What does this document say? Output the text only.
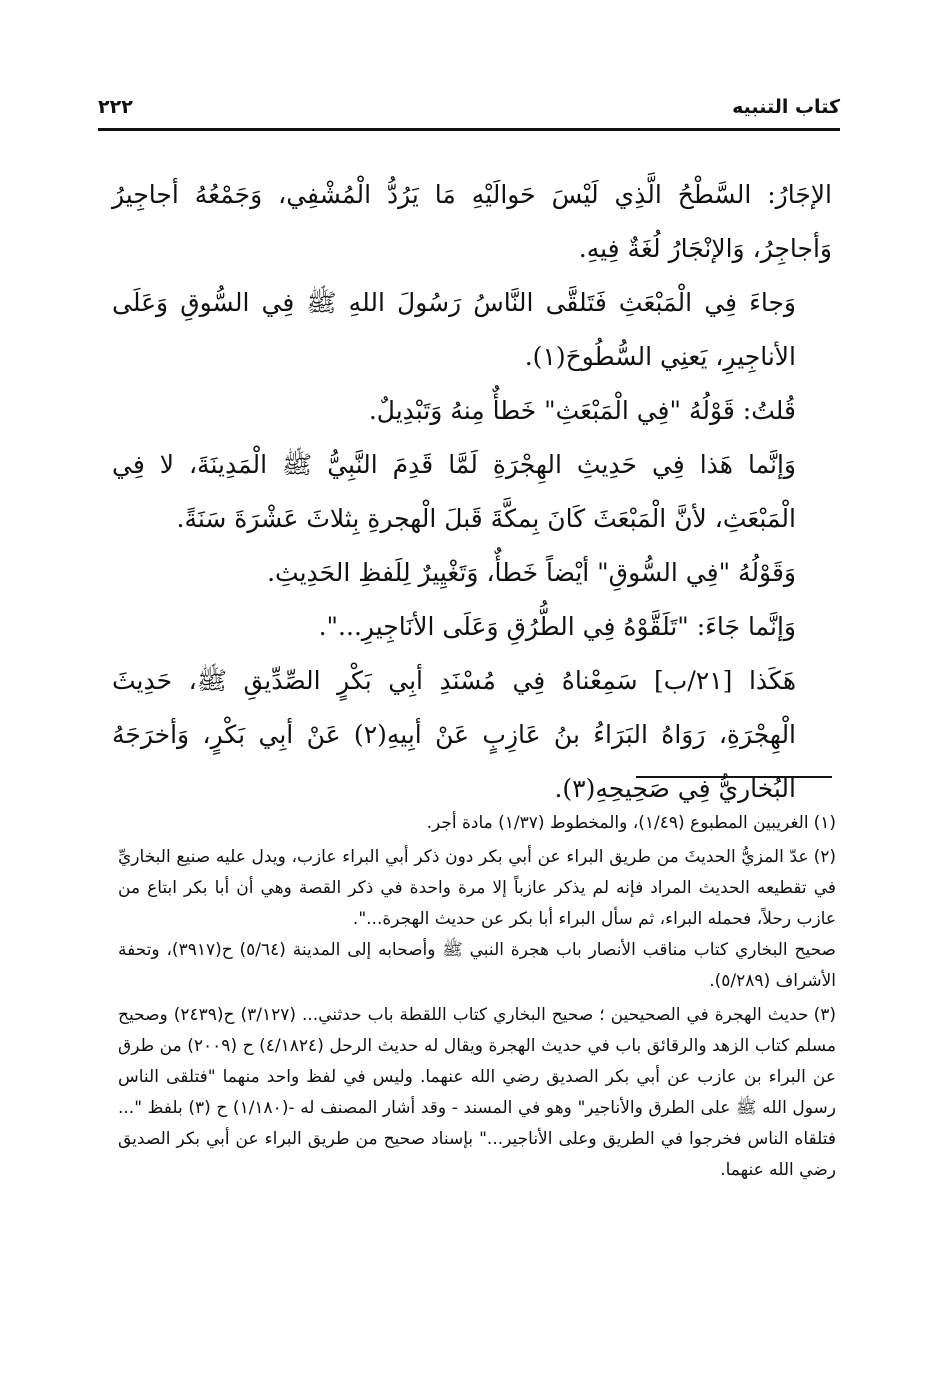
كتاب التنبيه
٢٢٢

الإجَارُ: السَّطْحُ الَّذِي لَيْسَ حَوالَيْهِ مَا يَرُدُّ الْمُشْفِي، وَجَمْعُهُ أجاجِيرُ وَأجاجِرُ، وَالإنْجَارُ لُغَةٌ فِيهِ.

وَجاءَ فِي الْمَبْعَثِ فَتَلقَّى النَّاسُ رَسُولَ اللهِ ﷺ فِي السُّوقِ وَعَلَى الأناجِيرِ، يَعنِي السُّطُوحَ(١).

قُلتُ: قَوْلُهُ "فِي الْمَبْعَثِ" خَطأٌ مِنهُ وَتَبْدِيلٌ.

وَإنَّما هَذا فِي حَدِيثِ الهِجْرَةِ لَمَّا قَدِمَ النَّبِيُّ ﷺ الْمَدِينَةَ، لا فِي الْمَبْعَثِ، لأنَّ الْمَبْعَثَ كَانَ بِمكَّةَ قَبلَ الْهجرةِ بِثلاثَ عَشْرَةَ سَنَةً.

وَقَوْلُهُ "فِي السُّوقِ" أيْضاً خَطأٌ، وَتَغْيِيرٌ لِلَفظِ الحَدِيثِ.

وَإنَّما جَاءَ: "تَلَقَّوْهُ فِي الطُّرُقِ وَعَلَى الأنَاجِيرِ...".

هَكَذا [٢١/ب] سَمِعْناهُ فِي مُسْنَدِ أبِي بَكْرٍ الصِّدِّيقِ ﷺ، حَدِيثَ الْهِجْرَةِ، رَوَاهُ البَرَاءُ بنُ عَازِبٍ عَنْ أبِيهِ(٢) عَنْ أبِي بَكْرٍ، وَأخرَجَهُ البُخاريُّ فِي صَحِيحِهِ(٣).

(١)الغريبين المطبوع (١/٤٩)، والمخطوط (١/٣٧) مادة أجر.

(٢)عدّ المزيُّ الحديثَ من طريق البراء عن أبي بكر دون ذكر أبي البراء عازب، ويدل عليه صنيع البخاريِّ في تقطيعه الحديث المراد فإنه لم يذكر عازباً إلا مرة واحدة في ذكر القصة وهي أن أبا بكر ابتاع من عازب رحلاً، فحمله البراء، ثم سأل البراء أبا بكر عن حديث الهجرة...".
صحيح البخاري كتاب مناقب الأنصار باب هجرة النبي ﷺ وأصحابه إلى المدينة (٥/٦٤) ح(٣٩١٧)، وتحفة الأشراف (٥/٢٨٩).

(٣)حديث الهجرة في الصحيحين ؛ صحيح البخاري كتاب اللقطة باب حدثني... (٣/١٢٧) ح(٢٤٣٩) وصحيح مسلم كتاب الزهد والرقائق باب في حديث الهجرة ويقال له حديث الرحل (٤/١٨٢٤) ح (٢٠٠٩) من طرق عن البراء بن عازب عن أبي بكر الصديق رضي الله عنهما. وليس في لفظ واحد منهما "فتلقى الناس رسول الله ﷺ على الطرق والأناجير" وهو في المسند - وقد أشار المصنف له -(١/١٨٠) ح (٣) بلفظ "... فتلقاه الناس فخرجوا في الطريق وعلى الأناجير..." بإسناد صحيح من طريق البراء عن أبي بكر الصديق رضي الله عنهما.
